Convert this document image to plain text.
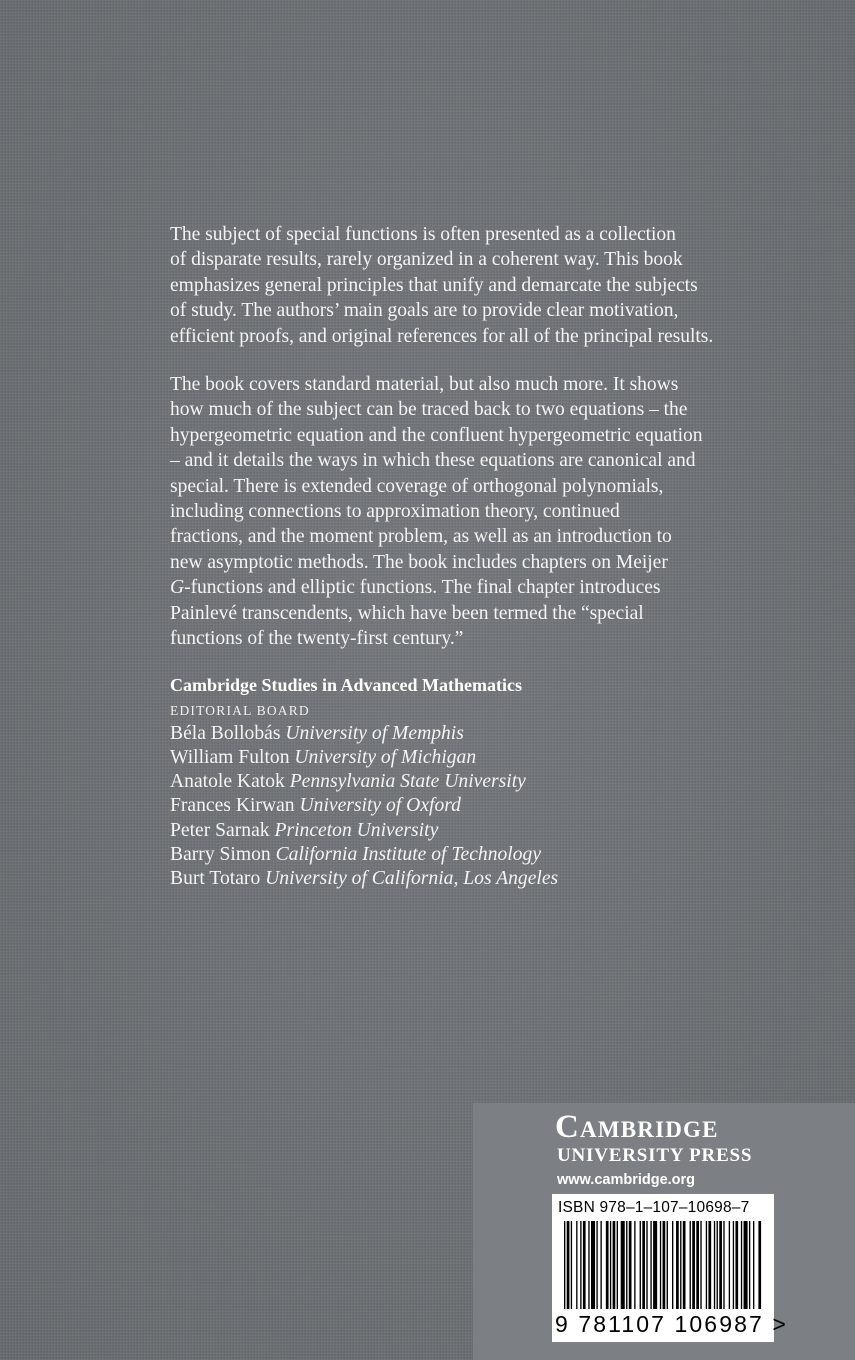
The subject of special functions is often presented as a collection
of disparate results, rarely organized in a coherent way. This book
emphasizes general principles that unify and demarcate the subjects
of study. The authors’ main goals are to provide clear motivation,
efficient proofs, and original references for all of the principal results.

The book covers standard material, but also much more. It shows
how much of the subject can be traced back to two equations – the
hypergeometric equation and the confluent hypergeometric equation
– and it details the ways in which these equations are canonical and
special. There is extended coverage of orthogonal polynomials,
including connections to approximation theory, continued
fractions, and the moment problem, as well as an introduction to
new asymptotic methods. The book includes chapters on Meijer
G-functions and elliptic functions. The final chapter introduces
Painlevé transcendents, which have been termed the “special
functions of the twenty-first century.”

Cambridge Studies in Advanced Mathematics
EDITORIAL BOARD
Béla Bollobás University of Memphis
William Fulton University of Michigan
Anatole Katok Pennsylvania State University
Frances Kirwan University of Oxford
Peter Sarnak Princeton University
Barry Simon California Institute of Technology
Burt Totaro University of California, Los Angeles
Cambridge
UNIVERSITY PRESS
www.cambridge.org
ISBN 978–1–107–10698–7
9 781107 106987 >
